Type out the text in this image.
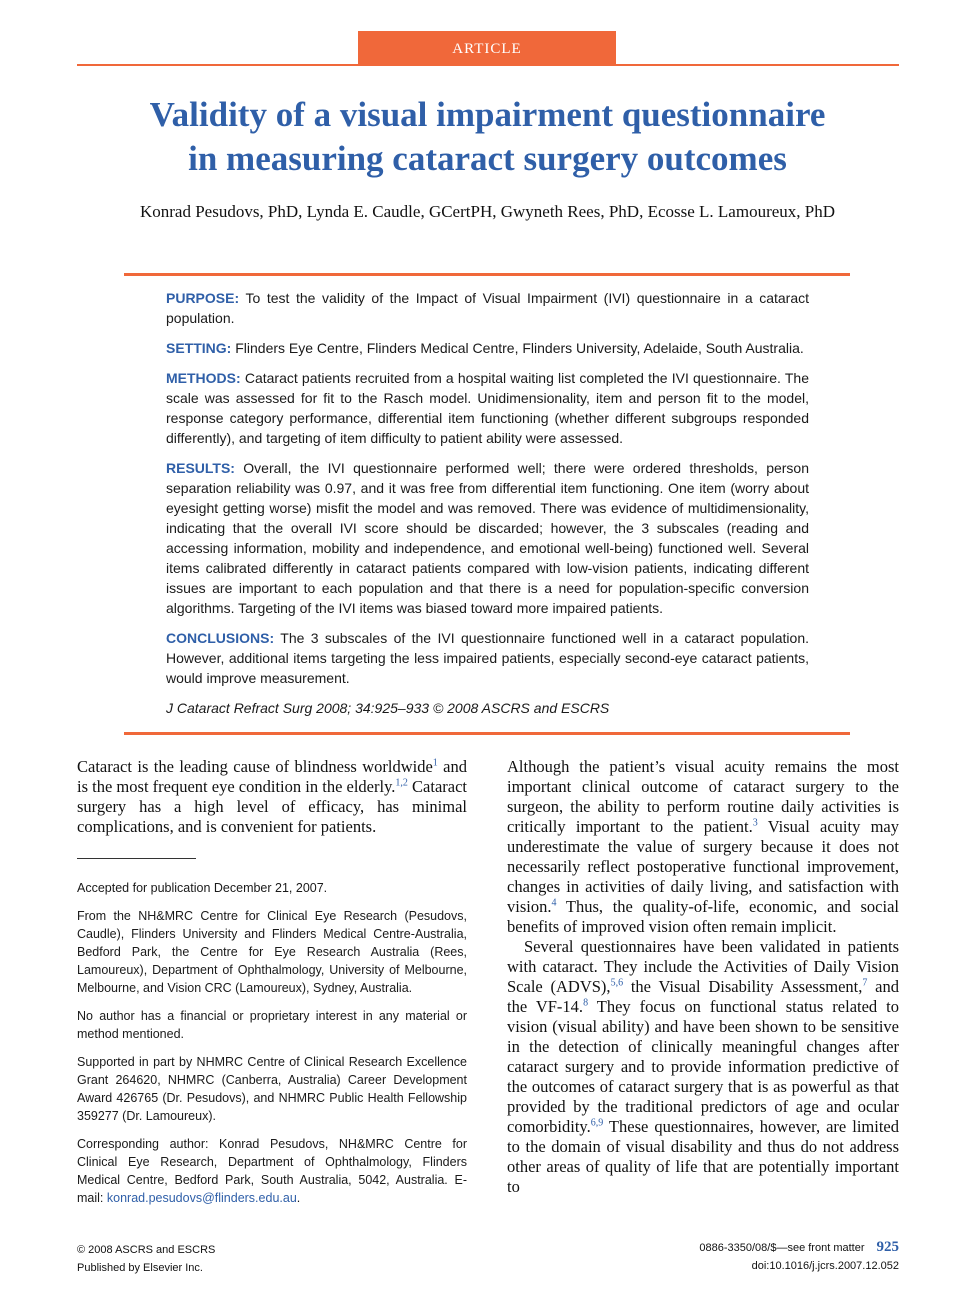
ARTICLE
Validity of a visual impairment questionnaire
in measuring cataract surgery outcomes
Konrad Pesudovs, PhD, Lynda E. Caudle, GCertPH, Gwyneth Rees, PhD, Ecosse L. Lamoureux, PhD

PURPOSE: To test the validity of the Impact of Visual Impairment (IVI) questionnaire in a cataract population.

SETTING: Flinders Eye Centre, Flinders Medical Centre, Flinders University, Adelaide, South Australia.

METHODS: Cataract patients recruited from a hospital waiting list completed the IVI questionnaire. The scale was assessed for fit to the Rasch model. Unidimensionality, item and person fit to the model, response category performance, differential item functioning (whether different subgroups responded differently), and targeting of item difficulty to patient ability were assessed.

RESULTS: Overall, the IVI questionnaire performed well; there were ordered thresholds, person separation reliability was 0.97, and it was free from differential item functioning. One item (worry about eyesight getting worse) misfit the model and was removed. There was evidence of multidimensionality, indicating that the overall IVI score should be discarded; however, the 3 subscales (reading and accessing information, mobility and independence, and emotional well-being) functioned well. Several items calibrated differently in cataract patients compared with low-vision patients, indicating different issues are important to each population and that there is a need for population-specific conversion algorithms. Targeting of the IVI items was biased toward more impaired patients.

CONCLUSIONS: The 3 subscales of the IVI questionnaire functioned well in a cataract population. However, additional items targeting the less impaired patients, especially second-eye cataract patients, would improve measurement.

J Cataract Refract Surg 2008; 34:925–933 © 2008 ASCRS and ESCRS

Cataract is the leading cause of blindness worldwide$^1$ and is the most frequent eye condition in the elderly.$^{1,2}$ Cataract surgery has a high level of efficacy, has minimal complications, and is convenient for patients.

Accepted for publication December 21, 2007.

From the NH&MRC Centre for Clinical Eye Research (Pesudovs, Caudle), Flinders University and Flinders Medical Centre-Australia, Bedford Park, the Centre for Eye Research Australia (Rees, Lamoureux), Department of Ophthalmology, University of Melbourne, Melbourne, and Vision CRC (Lamoureux), Sydney, Australia.

No author has a financial or proprietary interest in any material or method mentioned.

Supported in part by NHMRC Centre of Clinical Research Excellence Grant 264620, NHMRC (Canberra, Australia) Career Development Award 426765 (Dr. Pesudovs), and NHMRC Public Health Fellowship 359277 (Dr. Lamoureux).

Corresponding author: Konrad Pesudovs, NH&MRC Centre for Clinical Eye Research, Department of Ophthalmology, Flinders Medical Centre, Bedford Park, South Australia, 5042, Australia. E-mail: konrad.pesudovs@flinders.edu.au.

Although the patient’s visual acuity remains the most important clinical outcome of cataract surgery to the surgeon, the ability to perform routine daily activities is critically important to the patient.$^3$ Visual acuity may underestimate the value of surgery because it does not necessarily reflect postoperative functional improvement, changes in activities of daily living, and satisfaction with vision.$^4$ Thus, the quality-of-life, economic, and social benefits of improved vision often remain implicit.

Several questionnaires have been validated in patients with cataract. They include the Activities of Daily Vision Scale (ADVS),$^{5,6}$ the Visual Disability Assessment,$^7$ and the VF-14.$^8$ They focus on functional status related to vision (visual ability) and have been shown to be sensitive in the detection of clinically meaningful changes after cataract surgery and to provide information predictive of the outcomes of cataract surgery that is as powerful as that provided by the traditional predictors of age and ocular comorbidity.$^{6,9}$ These questionnaires, however, are limited to the domain of visual disability and thus do not address other areas of quality of life that are potentially important to

© 2008 ASCRS and ESCRS
Published by Elsevier Inc.
0886-3350/08/$—see front matter 925
doi:10.1016/j.jcrs.2007.12.052
